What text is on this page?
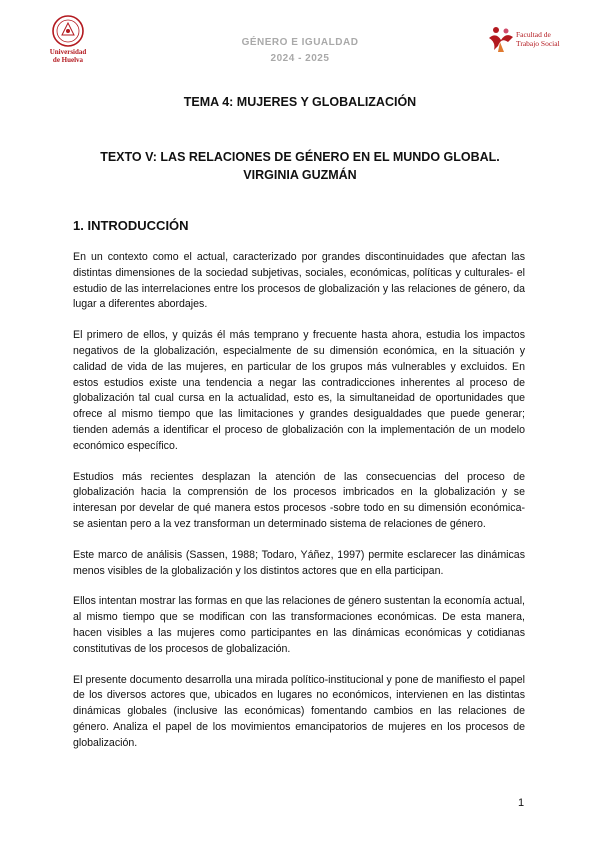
Universidad
de Huelva
GÉNERO E IGUALDAD
2024 - 2025
Facultad de
Trabajo Social
TEMA 4: MUJERES Y GLOBALIZACIÓN
TEXTO V: LAS RELACIONES DE GÉNERO EN EL MUNDO GLOBAL.
VIRGINIA GUZMÁN
1. INTRODUCCIÓN

En un contexto como el actual, caracterizado por grandes discontinuidades que afectan las distintas dimensiones de la sociedad subjetivas, sociales, económicas, políticas y culturales- el estudio de las interrelaciones entre los procesos de globalización y las relaciones de género, da lugar a diferentes abordajes.

El primero de ellos, y quizás él más temprano y frecuente hasta ahora, estudia los impactos negativos de la globalización, especialmente de su dimensión económica, en la situación y calidad de vida de las mujeres, en particular de los grupos más vulnerables y excluidos. En estos estudios existe una tendencia a negar las contradicciones inherentes al proceso de globalización tal cual cursa en la actualidad, esto es, la simultaneidad de oportunidades que ofrece al mismo tiempo que las limitaciones y grandes desigualdades que puede generar; tienden además a identificar el proceso de globalización con la implementación de un modelo económico específico.

Estudios más recientes desplazan la atención de las consecuencias del proceso de globalización hacia la comprensión de los procesos imbricados en la globalización y se interesan por develar de qué manera estos procesos -sobre todo en su dimensión económica- se asientan pero a la vez transforman un determinado sistema de relaciones de género.

Este marco de análisis (Sassen, 1988; Todaro, Yáñez, 1997) permite esclarecer las dinámicas menos visibles de la globalización y los distintos actores que en ella participan.

Ellos intentan mostrar las formas en que las relaciones de género sustentan la economía actual, al mismo tiempo que se modifican con las transformaciones económicas. De esta manera, hacen visibles a las mujeres como participantes en las dinámicas económicas y cotidianas constitutivas de los procesos de globalización.

El presente documento desarrolla una mirada político-institucional y pone de manifiesto el papel de los diversos actores que, ubicados en lugares no económicos, intervienen en las distintas dinámicas globales (inclusive las económicas) fomentando cambios en las relaciones de género. Analiza el papel de los movimientos emancipatorios de mujeres en los procesos de globalización.

1
